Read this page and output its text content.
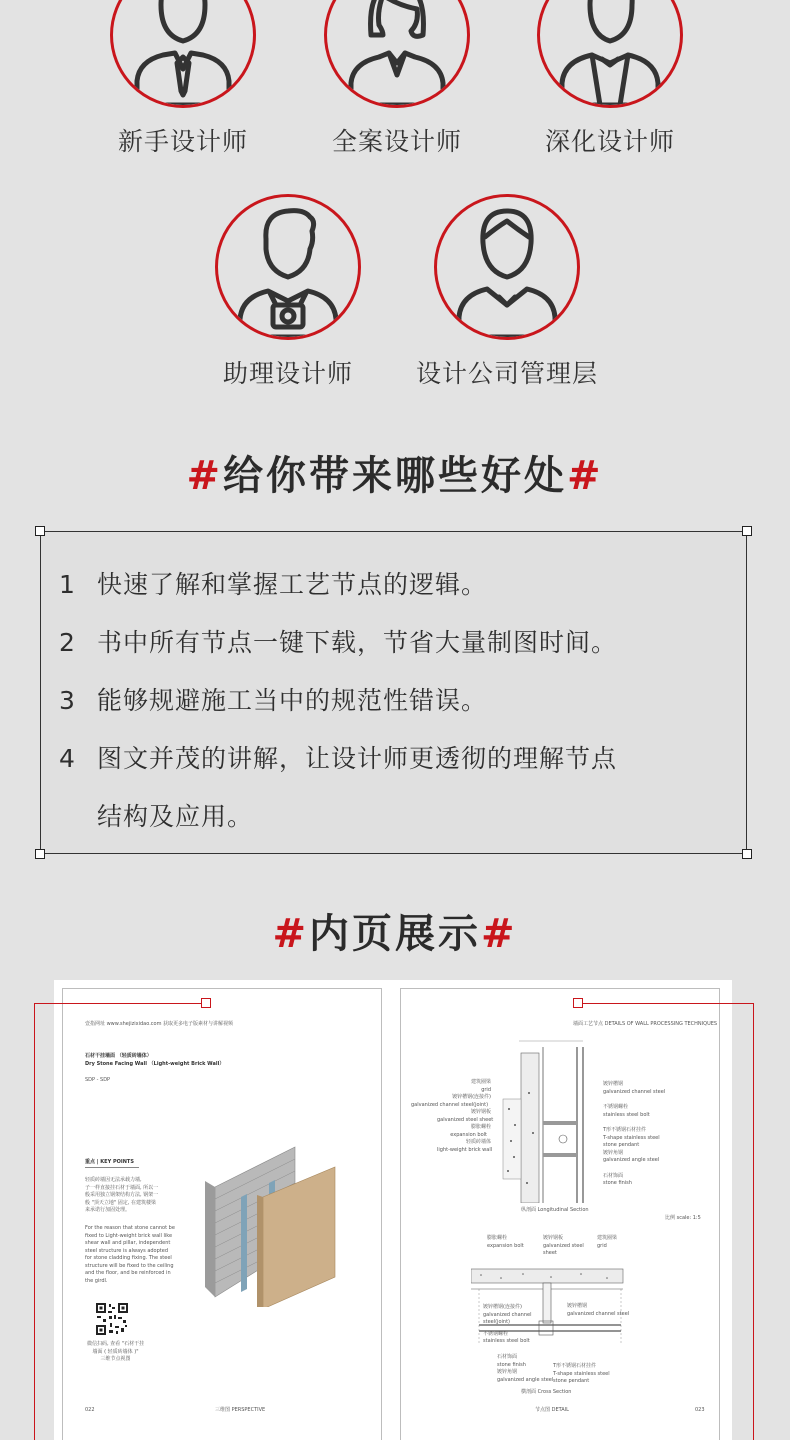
新手设计师	全案设计师	深化设计师
助理设计师	设计公司管理层
#给你带来哪些好处#
1 快速了解和掌握工艺节点的逻辑。
2 书中所有节点一键下载，节省大量制图时间。
3 能够规避施工当中的规范性错误。
4 图文并茂的讲解，让设计师更透彻的理解节点
结构及应用。
#内页展示#
壹指网址 www.shejizixidao.com 获取更多电子版素材与讲解视频
石材干挂墙面 （轻质砖墙体）
Dry Stone Facing Wall （Light-weight Brick Wall）
SDP - SDP
重点 | KEY POINTS
轻质砖墙因无法承载力墙,
子一样直接挂石材于墙面, 所以一
般采用独立钢架结构方法, 钢架一
般 "顶天立地" 固定, 在建筑楼梁
来承诺行加固处理。
For the reason that stone cannot be
fixed to Light-weight brick wall like
shear wall and pillar, independent
steel structure is always adopted
for stone cladding fixing. The steel
structure will be fixed to the ceiling
and the floor, and be reinforced in
the girdl.
微信扫码, 查看 "石材干挂
墙面 ( 轻质砖墙体 )"
三维节点视图
022	三维图 PERSPECTIVE
墙面工艺节点 DETAILS OF WALL PROCESSING TECHNIQUES
建筑圈梁
grid
镀锌槽钢(连接件)
galvanized channel steel(joint)
镀锌钢板
galvanized steel sheet
膨胀螺栓
expansion bolt
轻质砖墙体
light-weight brick wall
镀锌槽钢
galvanized channel steel
不锈钢螺栓
stainless steel bolt
T形不锈钢石材挂件
T-shape stainless steel
stone pendant
镀锌角钢
galvanized angle steel
石材饰面
stone finish
纵剖面 Longitudinal Section
比例 scale: 1:5
膨胀螺栓
expansion bolt
镀锌钢板
galvanized steel
sheet
建筑圈梁
grid
镀锌槽钢(连接件)
galvanized channel
steel(joint)
不锈钢螺栓
stainless steel bolt
镀锌槽钢
galvanized channel steel
石材饰面
stone finish
镀锌角钢
galvanized angle steel
T形不锈钢石材挂件
T-shape stainless steel
stone pendant
横剖面 Cross Section
节点图 DETAIL	023
